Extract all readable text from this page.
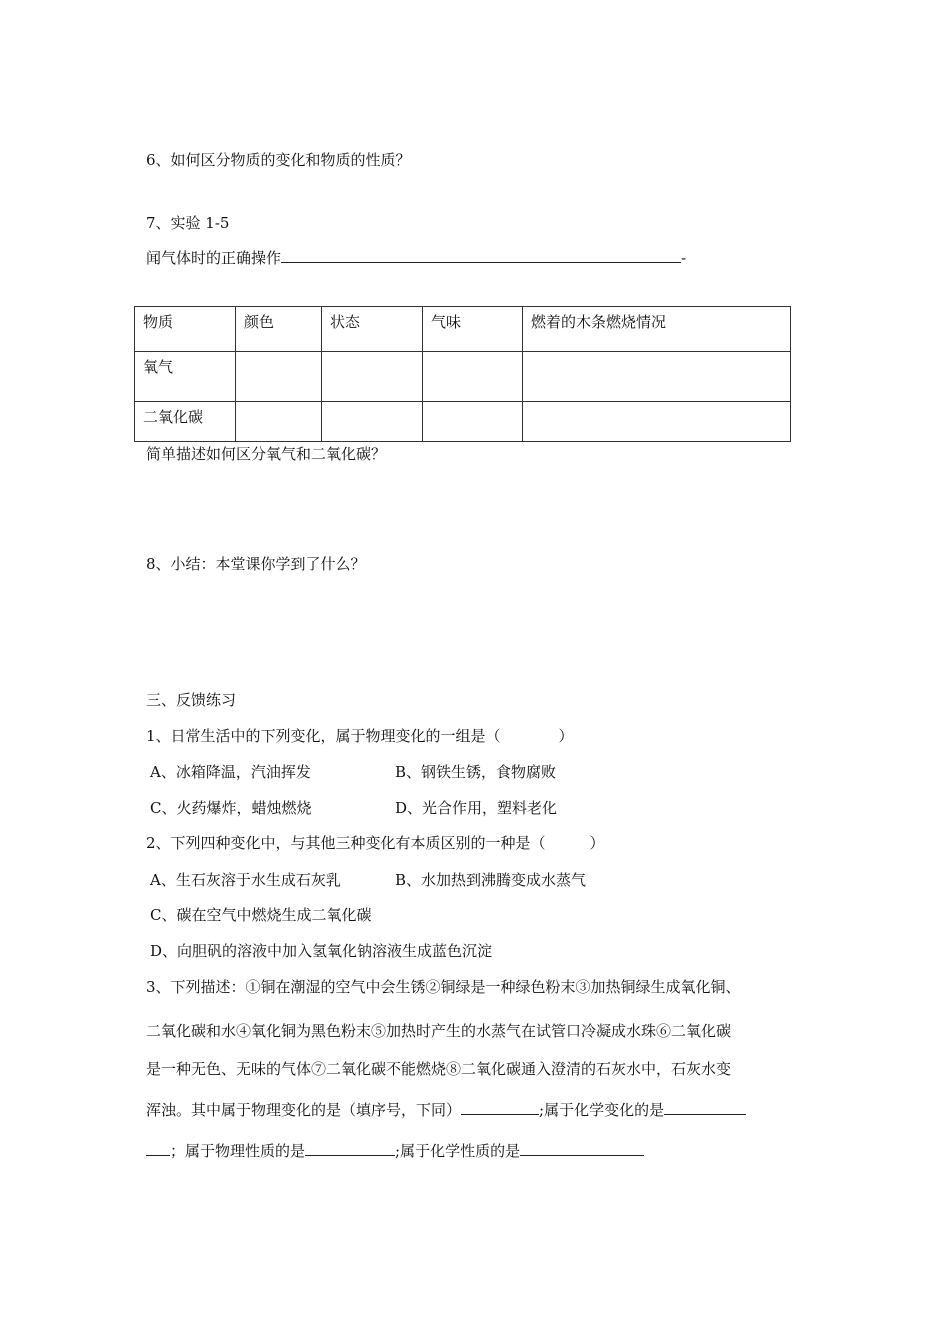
6、如何区分物质的变化和物质的性质？
7、实验 1-5
闻气体时的正确操作	-
物质	颜色	状态	气味	燃着的木条燃烧情况
氧气				
二氧化碳				
简单描述如何区分氧气和二氧化碳？
8、小结：本堂课你学到了什么？
三、反馈练习
1、日常生活中的下列变化，属于物理变化的一组是（	）
A、冰箱降温，汽油挥发	B、钢铁生锈，食物腐败
C、火药爆炸，蜡烛燃烧	D、光合作用，塑料老化
2、下列四种变化中，与其他三种变化有本质区别的一种是（	）
A、生石灰溶于水生成石灰乳	B、水加热到沸腾变成水蒸气
C、碳在空气中燃烧生成二氧化碳
D、向胆矾的溶液中加入氢氧化钠溶液生成蓝色沉淀
3、下列描述：①铜在潮湿的空气中会生锈②铜绿是一种绿色粉末③加热铜绿生成氧化铜、
二氧化碳和水④氧化铜为黑色粉末⑤加热时产生的水蒸气在试管口冷凝成水珠⑥二氧化碳
是一种无色、无味的气体⑦二氧化碳不能燃烧⑧二氧化碳通入澄清的石灰水中，石灰水变
浑浊。其中属于物理变化的是（填序号，下同）	;属于化学变化的是
；属于物理性质的是	;属于化学性质的是
